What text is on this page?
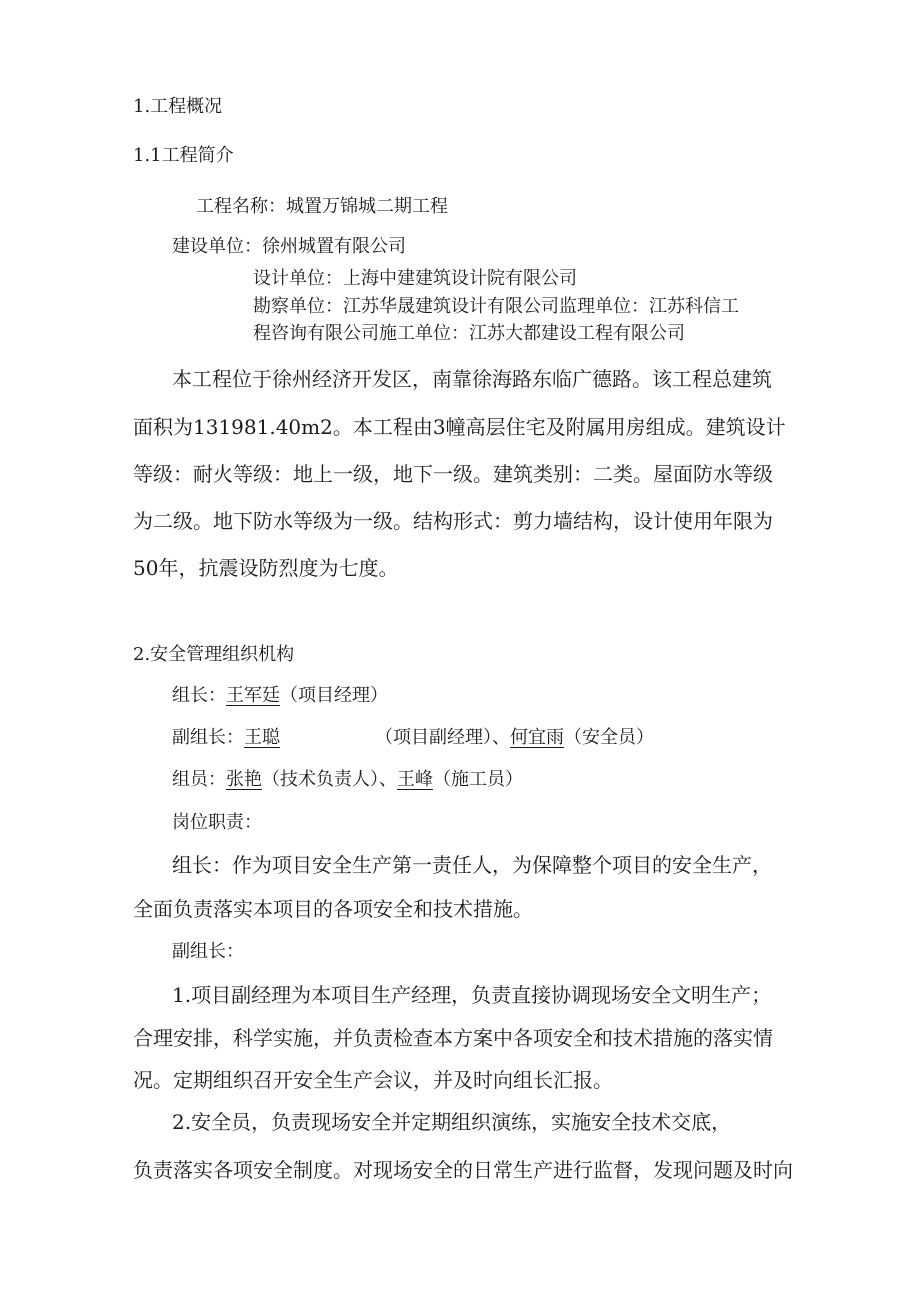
1.工程概况
1.1工程简介
工程名称：城置万锦城二期工程
建设单位：徐州城置有限公司
设计单位：上海中建建筑设计院有限公司
勘察单位：江苏华晟建筑设计有限公司监理单位：江苏科信工
程咨询有限公司施工单位：江苏大都建设工程有限公司
本工程位于徐州经济开发区，南靠徐海路东临广德路。该工程总建筑
面积为131981.40m2。本工程由3幢高层住宅及附属用房组成。建筑设计
等级：耐火等级：地上一级，地下一级。建筑类别：二类。屋面防水等级
为二级。地下防水等级为一级。结构形式：剪力墙结构，设计使用年限为
50年，抗震设防烈度为七度。
2.安全管理组织机构
组长：王军廷（项目经理）
副组长：王聪	（项目副经理）、何宜雨（安全员）
组员：张艳（技术负责人）、王峰（施工员）
岗位职责：
组长：作为项目安全生产第一责任人，为保障整个项目的安全生产，
全面负责落实本项目的各项安全和技术措施。
副组长：
1.项目副经理为本项目生产经理，负责直接协调现场安全文明生产；
合理安排，科学实施，并负责检查本方案中各项安全和技术措施的落实情
况。定期组织召开安全生产会议，并及时向组长汇报。
2.安全员，负责现场安全并定期组织演练，实施安全技术交底，
负责落实各项安全制度。对现场安全的日常生产进行监督，发现问题及时向
